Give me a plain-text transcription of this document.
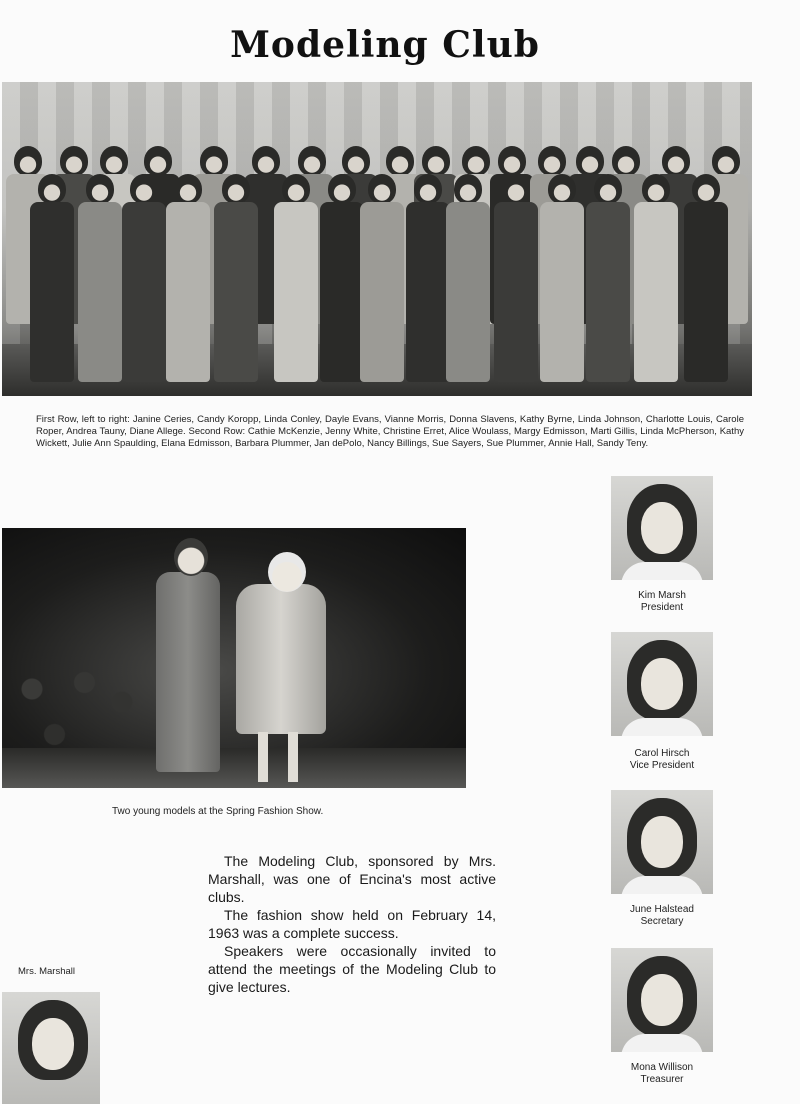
Modeling Club
First Row, left to right: Janine Ceries, Candy Koropp, Linda Conley, Dayle Evans, Vianne Morris, Donna Slavens, Kathy Byrne, Linda Johnson, Charlotte Louis, Carole Roper, Andrea Tauny, Diane Allege. Second Row: Cathie McKenzie, Jenny White, Christine Erret, Alice Woulass, Margy Edmisson, Marti Gillis, Linda McPherson, Kathy Wickett, Julie Ann Spaulding, Elana Edmisson, Barbara Plummer, Jan dePolo, Nancy Billings, Sue Sayers, Sue Plummer, Annie Hall, Sandy Teny.
Two young models at the Spring Fashion Show.

The Modeling Club, sponsored by Mrs. Marshall, was one of Encina's most active clubs.

The fashion show held on February 14, 1963 was a complete success.

Speakers were occasionally invited to attend the meetings of the Modeling Club to give lectures.

Mrs. Marshall
Kim Marsh
President
Carol Hirsch
Vice President
June Halstead
Secretary
Mona Willison
Treasurer
